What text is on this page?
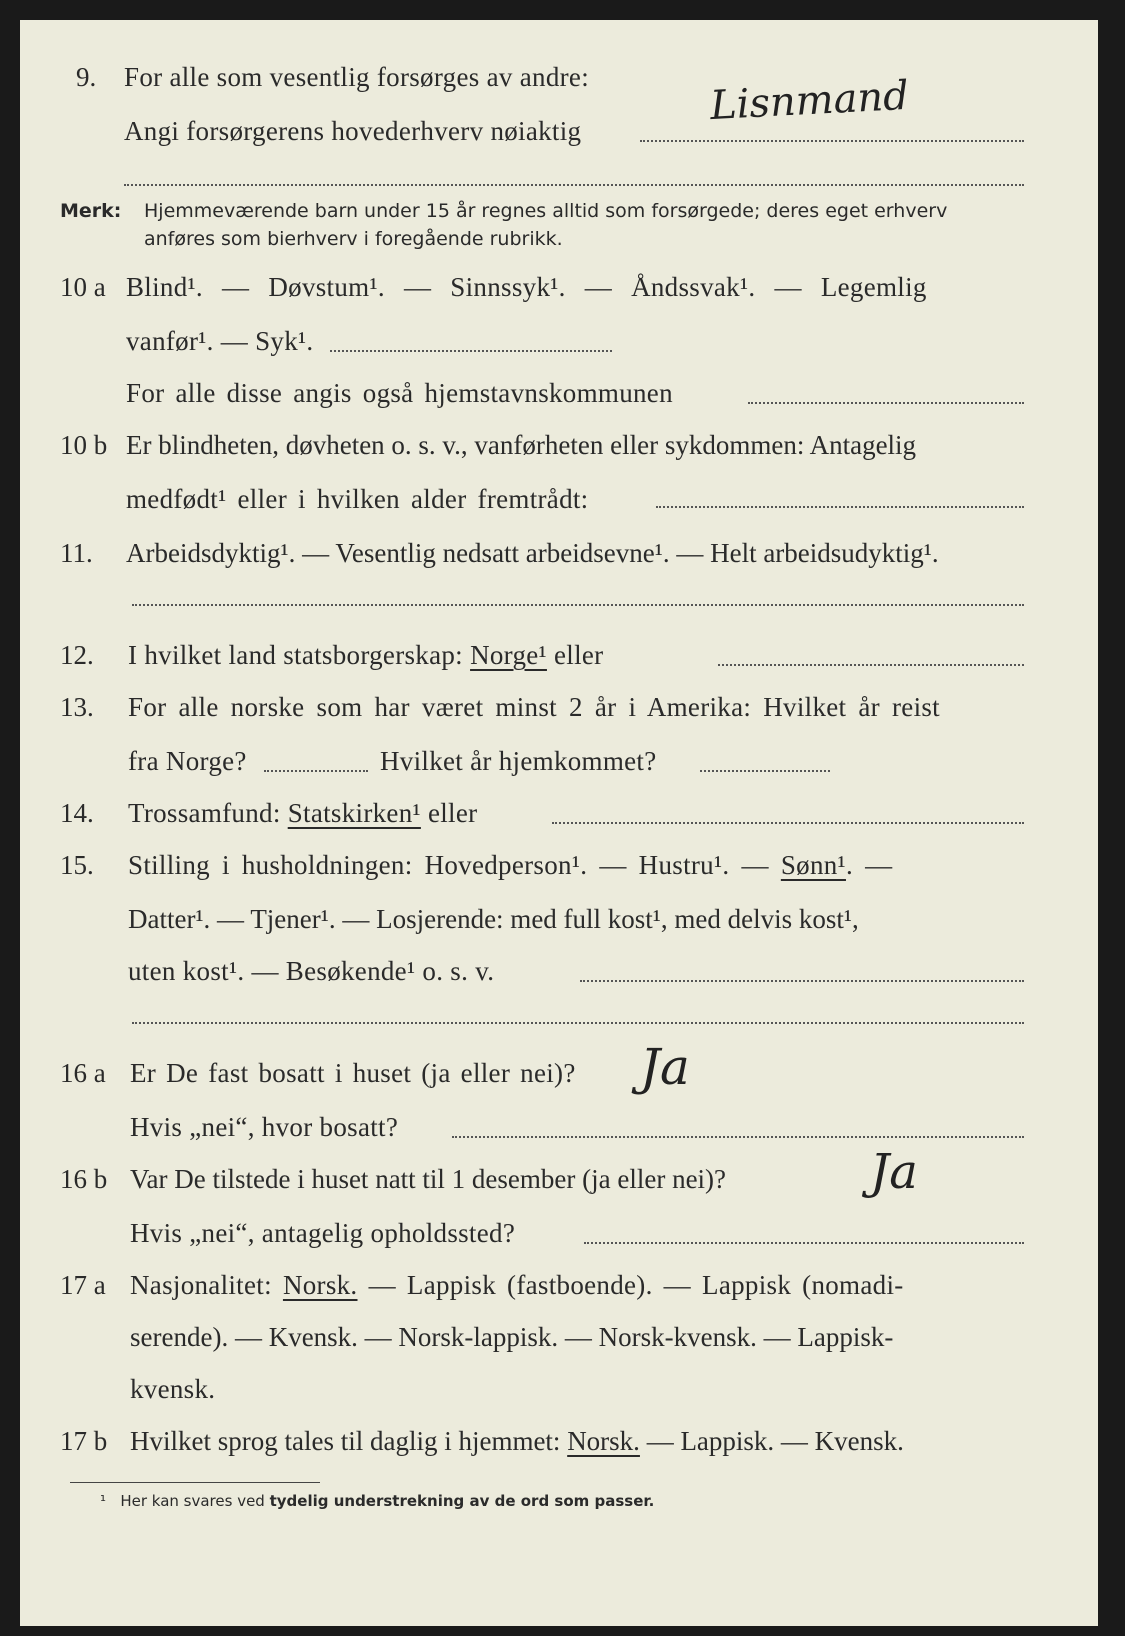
9. For alle som vesentlig forsørges av andre:
Angi forsørgerens hovederhverv nøiaktig
Lisnmand
Merk: Hjemmeværende barn under 15 år regnes alltid som forsørgede; deres eget erhverv
anføres som bierhverv i foregående rubrikk.
10 a Blind¹. — Døvstum¹. — Sinnssyk¹. — Åndssvak¹. — Legemlig
vanfør¹. — Syk¹.
For alle disse angis også hjemstavnskommunen
10 b Er blindheten, døvheten o. s. v., vanførheten eller sykdommen: Antagelig
medfødt¹ eller i hvilken alder fremtrådt:
11. Arbeidsdyktig¹. — Vesentlig nedsatt arbeidsevne¹. — Helt arbeidsudyktig¹.
12. I hvilket land statsborgerskap: Norge¹ eller
13. For alle norske som har været minst 2 år i Amerika: Hvilket år reist
fra Norge?	Hvilket år hjemkommet?
14. Trossamfund: Statskirken¹ eller
15. Stilling i husholdningen: Hovedperson¹. — Hustru¹. — Sønn¹. —
Datter¹. — Tjener¹. — Losjerende: med full kost¹, med delvis kost¹,
uten kost¹. — Besøkende¹ o. s. v.
16 a Er De fast bosatt i huset (ja eller nei)? Ja
Hvis „nei“, hvor bosatt?
16 b Var De tilstede i huset natt til 1 desember (ja eller nei)?	Ja
Hvis „nei“, antagelig opholdssted?
17 a Nasjonalitet: Norsk. — Lappisk (fastboende). — Lappisk (nomadi-
serende). — Kvensk. — Norsk-lappisk. — Norsk-kvensk. — Lappisk-
kvensk.
17 b Hvilket sprog tales til daglig i hjemmet: Norsk. — Lappisk. — Kvensk.
¹ Her kan svares ved tydelig understrekning av de ord som passer.
